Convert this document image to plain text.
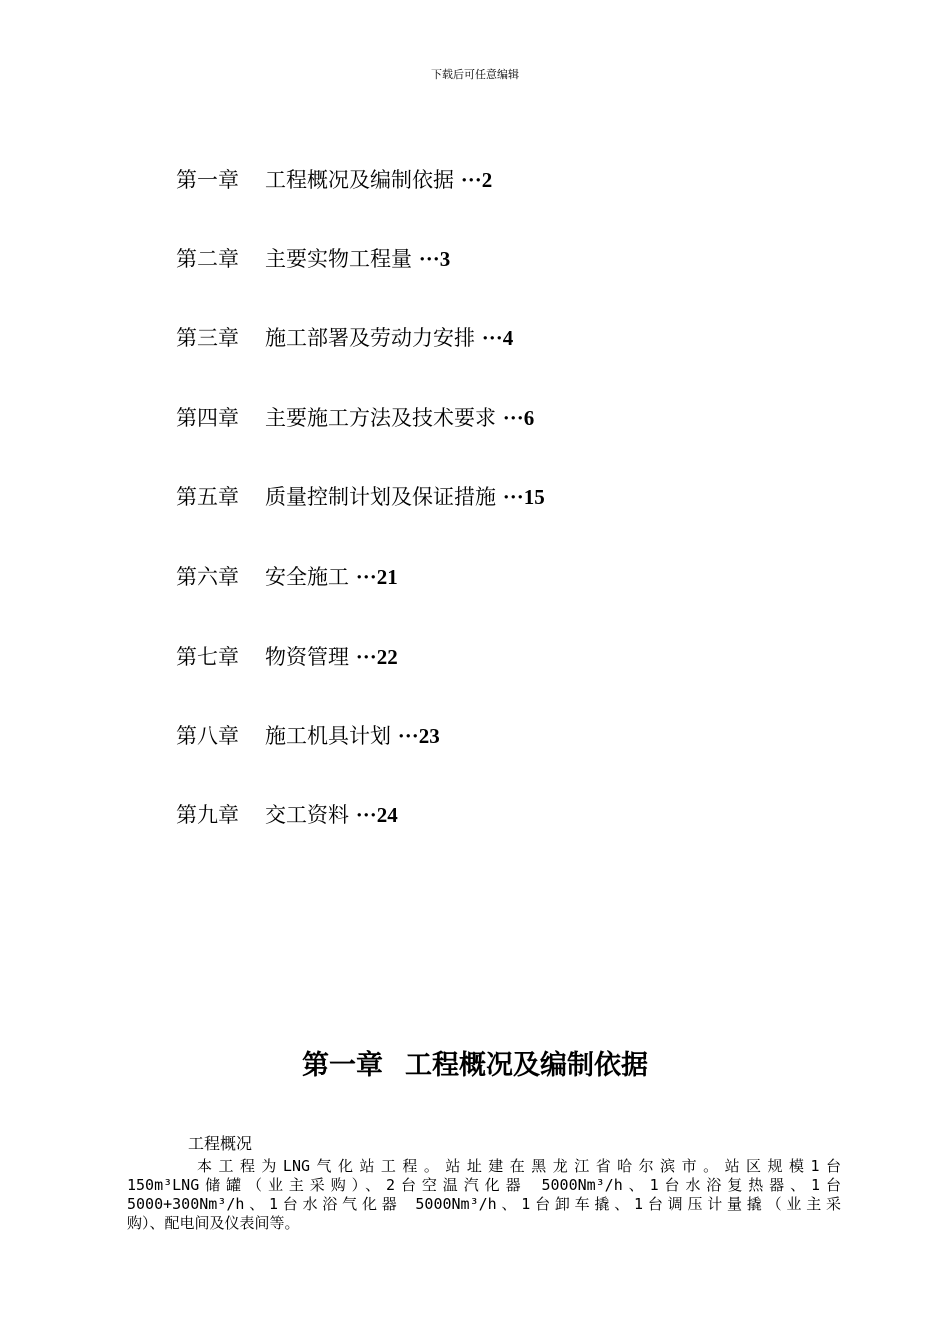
下载后可任意编辑
第一章 工程概况及编制依据 ···2
第二章 主要实物工程量 ···3
第三章 施工部署及劳动力安排 ···4
第四章 主要施工方法及技术要求 ···6
第五章 质量控制计划及保证措施 ···15
第六章 安全施工 ···21
第七章 物资管理 ···22
第八章 施工机具计划 ···23
第九章 交工资料 ···24
第一章 工程概况及编制依据
工程概况
本工程为LNG气化站工程。站址建在黑龙江省哈尔滨市。站区规模1台
150m³LNG储罐（业主采购）、2台空温汽化器 5000Nm³/h、1台水浴复热器、1台
5000+300Nm³/h、1台水浴气化器 5000Nm³/h、1台卸车撬、1台调压计量撬（业主采
购）、配电间及仪表间等。
